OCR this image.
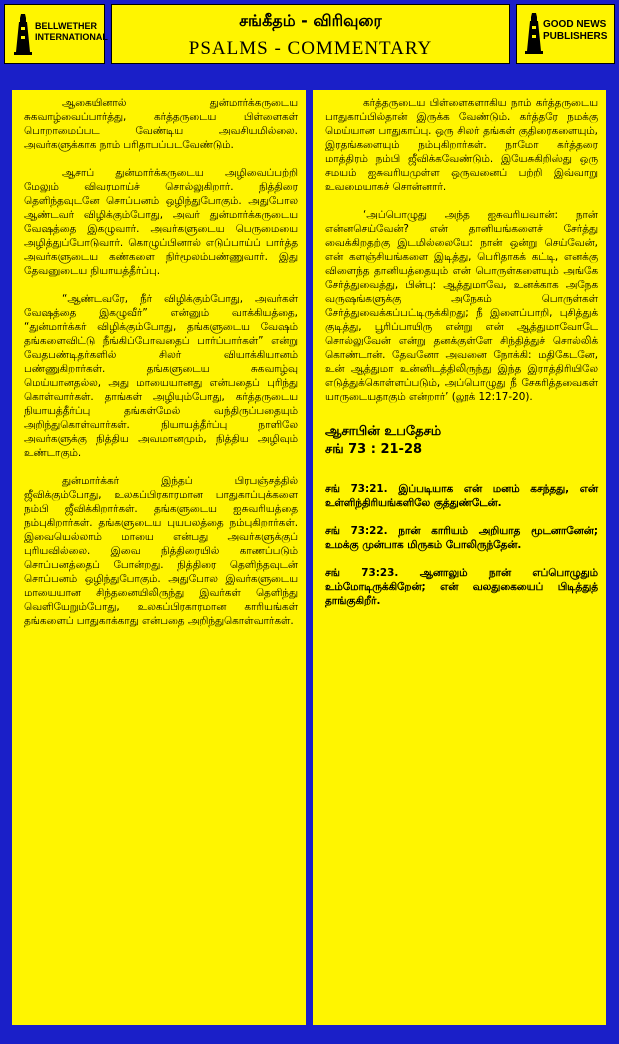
BELLWETHER
INTERNATIONAL
சங்கீதம் - விரிவுரை
PSALMS - COMMENTARY
GOOD NEWS
PUBLISHERS

ஆகையினால் துன்மார்க்கருடைய சுகவாழ்வைப்பார்த்து, கர்த்தருடைய பிள்ளைகள் பொறாமைப்பட வேண்டிய அவசியமில்லை. அவர்களுக்காக நாம் பரிதாபப்படவேண்டும்.

ஆசாப் துன்மார்க்கருடைய அழிவைப்பற்றி மேலும் விவரமாய்ச் சொல்லுகிறார். நித்திரை தெளிந்தவுடனே சொப்பனம் ஒழிந்துபோகும். அதுபோல ஆண்டவர் விழிக்கும்போது, அவர் துன்மார்க்கருடைய வேஷத்தை இகழுவார். அவர்களுடைய பெருமையை அழித்துப்போடுவார். கொழுப்பினால் எடுப்பாய்ப் பார்த்த அவர்களுடைய கண்களை நிர்மூலம்பண்ணுவார். இது தேவனுடைய நியாயத்தீர்ப்பு.

“ஆண்டவரே, நீர் விழிக்கும்போது, அவர்கள் வேஷத்தை இகழுவீர்” என்னும் வாக்கியத்தை, “துன்மார்க்கர் விழிக்கும்போது, தங்களுடைய வேஷம் தங்களைவிட்டு நீங்கிப்போவதைப் பார்ப்பார்கள்” என்று வேதபண்டிதர்களில் சிலர் வியாக்கியானம் பண்ணுகிறார்கள். தங்களுடைய சுகவாழ்வு மெய்யானதல்ல, அது மாயையானது என்பதைப் புரிந்து கொள்வார்கள். தாங்கள் அழியும்போது, கர்த்தருடைய நியாயத்தீர்ப்பு தங்கள்மேல் வந்திருப்பதையும் அறிந்துகொள்வார்கள். நியாயத்தீர்ப்பு நாளிலே அவர்களுக்கு நித்திய அவமானமும், நித்திய அழிவும் உண்டாகும்.

துன்மார்க்கர் இந்தப் பிரபஞ்சத்தில் ஜீவிக்கும்போது, உலகப்பிரகாரமான பாதுகாப்புக்களை நம்பி ஜீவிக்கிறார்கள். தங்களுடைய ஐசுவரியத்தை நம்புகிறார்கள். தங்களுடைய புயபலத்தை நம்புகிறார்கள். இவையெல்லாம் மாயை என்பது அவர்களுக்குப் புரியவில்லை. இவை நித்திரையில் காணப்படும் சொப்பனத்தைப் போன்றது. நித்திரை தெளிந்தவுடன் சொப்பனம் ஒழிந்துபோகும். அதுபோல இவர்களுடைய மாயையான சிந்தனையிலிருந்து இவர்கள் தெளிந்து வெளியேறும்போது, உலகப்பிரகாரமான காரியங்கள் தங்களைப் பாதுகாக்காது என்பதை அறிந்துகொள்வார்கள்.

கர்த்தருடைய பிள்ளைகளாகிய நாம் கர்த்தருடைய பாதுகாப்பில்தான் இருக்க வேண்டும். கர்த்தரே நமக்கு மெய்யான பாதுகாப்பு. ஒரு சிலர் தங்கள் குதிரைகளையும், இரதங்களையும் நம்புகிறார்கள். நாமோ கர்த்தரை மாத்திரம் நம்பி ஜீவிக்கவேண்டும். இயேசுகிறிஸ்து ஒரு சமயம் ஐசுவரியமுள்ள ஒருவனைப் பற்றி இவ்வாறு உவமையாகச் சொன்னார்.

‘அப்பொழுது அந்த ஐசுவரியவான்: நான் என்னசெய்வேன்? என் தானியங்களைச் சேர்த்து வைக்கிறதற்கு இடமில்லையே: நான் ஒன்று செய்வேன், என் களஞ்சியங்களை இடித்து, பெரிதாகக் கட்டி, எனக்கு விளைந்த தானியத்தையும் என் பொருள்களையும் அங்கே சேர்த்துவைத்து, பின்பு: ஆத்துமாவே, உனக்காக அநேக வருஷங்களுக்கு அநேகம் பொருள்கள் சேர்த்துவைக்கப்பட்டிருக்கிறது; நீ இளைப்பாறி, புசித்துக் குடித்து, பூரிப்பாயிரு என்று என் ஆத்துமாவோடே சொல்லுவேன் என்று தனக்குள்ளே சிந்தித்துச் சொல்லிக் கொண்டான். தேவனோ அவனை நோக்கி: மதிகேடனே, உன் ஆத்துமா உன்னிடத்திலிருந்து இந்த இராத்திரியிலே எடுத்துக்கொள்ளப்படும், அப்பொழுது நீ சேகரித்தவைகள் யாருடையதாகும் என்றார்’ (லூக் 12:17-20).

ஆசாபின் உபதேசம்
சங் 73 : 21-28

சங் 73:21. இப்படியாக என் மனம் கசந்தது, என் உள்ளிந்திரியங்களிலே குத்துண்டேன்.

சங் 73:22. நான் காரியம் அறியாத மூடனானேன்; உமக்கு முன்பாக மிருகம் போலிருந்தேன்.

சங் 73:23. ஆனாலும் நான் எப்பொழுதும் உம்மோடிருக்கிறேன்; என் வலதுகையைப் பிடித்துத் தாங்குகிறீர்.
